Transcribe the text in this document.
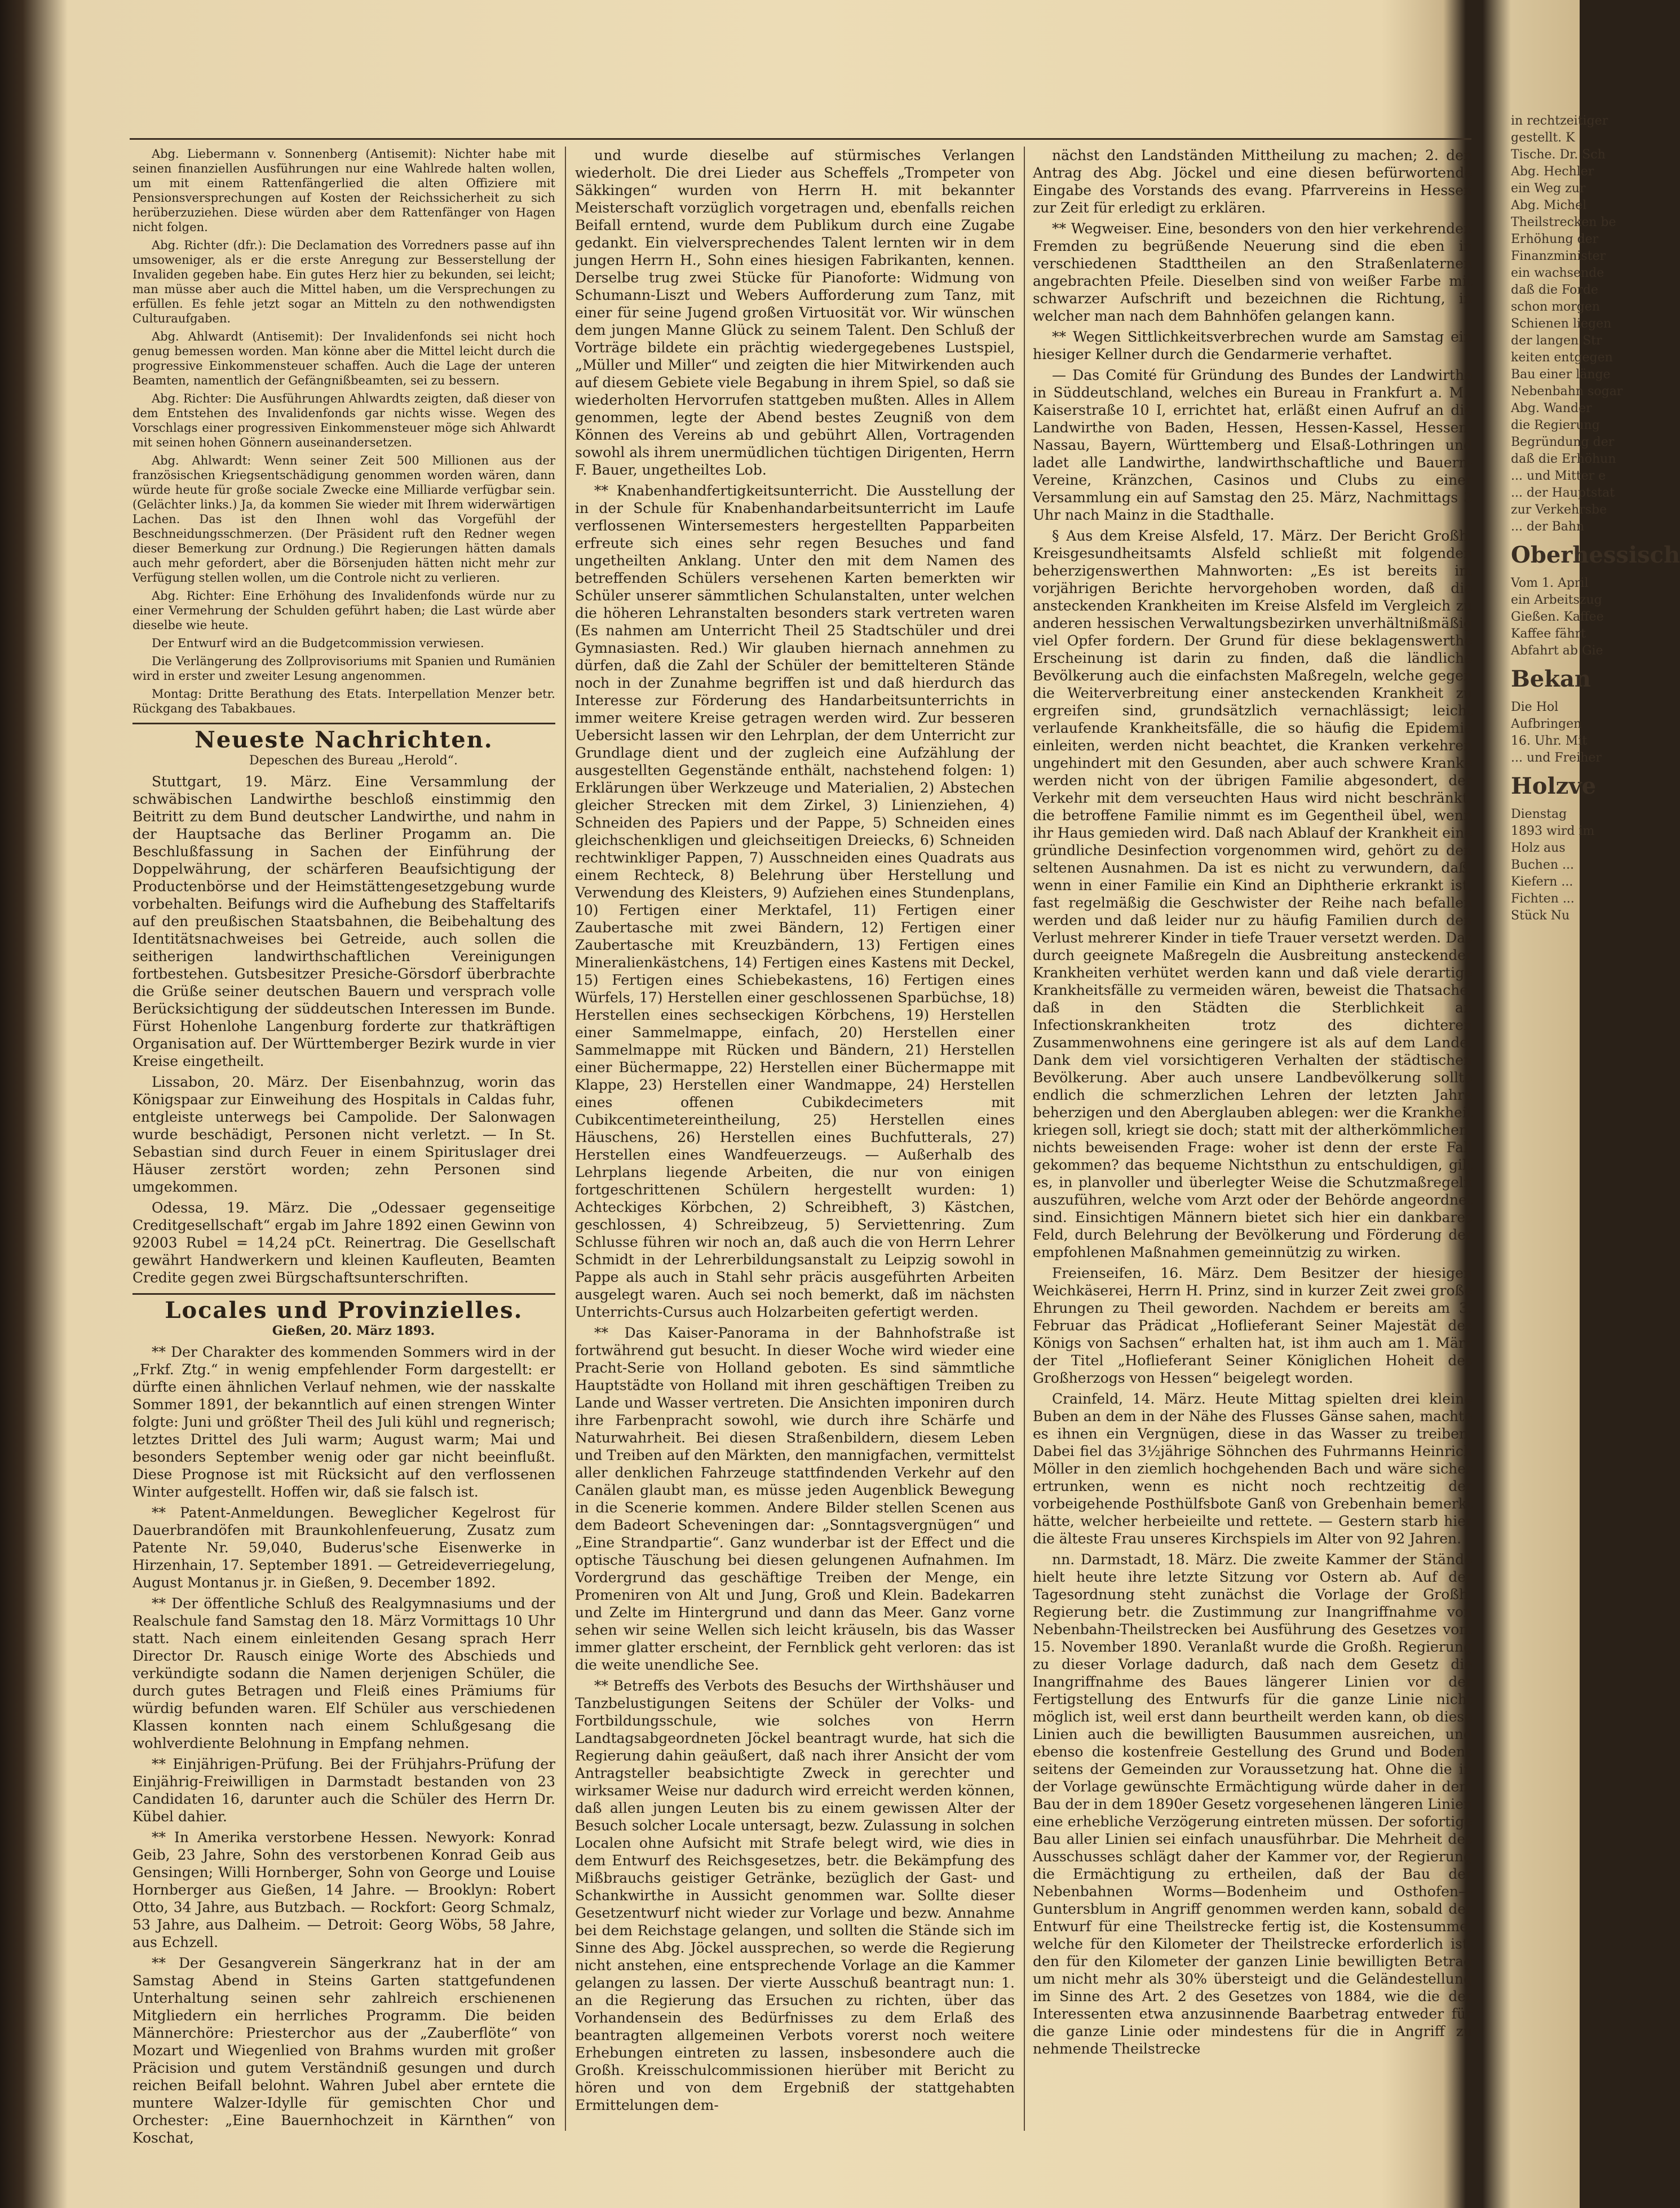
Abg. Liebermann v. Sonnenberg (Antisemit): Nichter habe mit seinen finanziellen Ausführungen nur eine Wahlrede halten wollen, um mit einem Rattenfängerlied die alten Offiziere mit Pensionsversprechungen auf Kosten der Reichssicherheit zu sich herüberzuziehen. Diese würden aber dem Rattenfänger von Hagen nicht folgen.

Abg. Richter (dfr.): Die Declamation des Vorredners passe auf ihn umsoweniger, als er die erste Anregung zur Besserstellung der Invaliden gegeben habe. Ein gutes Herz hier zu bekunden, sei leicht; man müsse aber auch die Mittel haben, um die Versprechungen zu erfüllen. Es fehle jetzt sogar an Mitteln zu den nothwendigsten Culturaufgaben.

Abg. Ahlwardt (Antisemit): Der Invalidenfonds sei nicht hoch genug bemessen worden. Man könne aber die Mittel leicht durch die progressive Einkommensteuer schaffen. Auch die Lage der unteren Beamten, namentlich der Gefängnißbeamten, sei zu bessern.

Abg. Richter: Die Ausführungen Ahlwardts zeigten, daß dieser von dem Entstehen des Invalidenfonds gar nichts wisse. Wegen des Vorschlags einer progressiven Einkommensteuer möge sich Ahlwardt mit seinen hohen Gönnern auseinandersetzen.

Abg. Ahlwardt: Wenn seiner Zeit 500 Millionen aus der französischen Kriegsentschädigung genommen worden wären, dann würde heute für große sociale Zwecke eine Milliarde verfügbar sein. (Gelächter links.) Ja, da kommen Sie wieder mit Ihrem widerwärtigen Lachen. Das ist den Ihnen wohl das Vorgefühl der Beschneidungsschmerzen. (Der Präsident ruft den Redner wegen dieser Bemerkung zur Ordnung.) Die Regierungen hätten damals auch mehr gefordert, aber die Börsenjuden hätten nicht mehr zur Verfügung stellen wollen, um die Controle nicht zu verlieren.

Abg. Richter: Eine Erhöhung des Invalidenfonds würde nur zu einer Vermehrung der Schulden geführt haben; die Last würde aber dieselbe wie heute.

Der Entwurf wird an die Budgetcommission verwiesen.

Die Verlängerung des Zollprovisoriums mit Spanien und Rumänien wird in erster und zweiter Lesung angenommen.

Montag: Dritte Berathung des Etats. Interpellation Menzer betr. Rückgang des Tabakbaues.

Neueste Nachrichten.

Depeschen des Bureau „Herold“.

Stuttgart, 19. März. Eine Versammlung der schwäbischen Landwirthe beschloß einstimmig den Beitritt zu dem Bund deutscher Landwirthe, und nahm in der Hauptsache das Berliner Progamm an. Die Beschlußfassung in Sachen der Einführung der Doppelwährung, der schärferen Beaufsichtigung der Productenbörse und der Heimstättengesetzgebung wurde vorbehalten. Beifungs wird die Aufhebung des Staffeltarifs auf den preußischen Staatsbahnen, die Beibehaltung des Identitätsnachweises bei Getreide, auch sollen die seitherigen landwirthschaftlichen Vereinigungen fortbestehen. Gutsbesitzer Presiche-Görsdorf überbrachte die Grüße seiner deutschen Bauern und versprach volle Berücksichtigung der süddeutschen Interessen im Bunde. Fürst Hohenlohe Langenburg forderte zur thatkräftigen Organisation auf. Der Württemberger Bezirk wurde in vier Kreise eingetheilt.

Lissabon, 20. März. Der Eisenbahnzug, worin das Königspaar zur Einweihung des Hospitals in Caldas fuhr, entgleiste unterwegs bei Campolide. Der Salonwagen wurde beschädigt, Personen nicht verletzt. — In St. Sebastian sind durch Feuer in einem Spirituslager drei Häuser zerstört worden; zehn Personen sind umgekommen.

Odessa, 19. März. Die „Odessaer gegenseitige Creditgesellschaft“ ergab im Jahre 1892 einen Gewinn von 92003 Rubel = 14,24 pCt. Reinertrag. Die Gesellschaft gewährt Handwerkern und kleinen Kaufleuten, Beamten Credite gegen zwei Bürgschaftsunterschriften.

Locales und Provinzielles.

Gießen, 20. März 1893.

** Der Charakter des kommenden Sommers wird in der „Frkf. Ztg.“ in wenig empfehlender Form dargestellt: er dürfte einen ähnlichen Verlauf nehmen, wie der nasskalte Sommer 1891, der bekanntlich auf einen strengen Winter folgte: Juni und größter Theil des Juli kühl und regnerisch; letztes Drittel des Juli warm; August warm; Mai und besonders September wenig oder gar nicht beeinflußt. Diese Prognose ist mit Rücksicht auf den verflossenen Winter aufgestellt. Hoffen wir, daß sie falsch ist.

** Patent-Anmeldungen. Beweglicher Kegelrost für Dauerbrandöfen mit Braunkohlenfeuerung, Zusatz zum Patente Nr. 59,040, Buderus'sche Eisenwerke in Hirzenhain, 17. September 1891. — Getreideverriegelung, August Montanus jr. in Gießen, 9. December 1892.

** Der öffentliche Schluß des Realgymnasiums und der Realschule fand Samstag den 18. März Vormittags 10 Uhr statt. Nach einem einleitenden Gesang sprach Herr Director Dr. Rausch einige Worte des Abschieds und verkündigte sodann die Namen derjenigen Schüler, die durch gutes Betragen und Fleiß eines Prämiums für würdig befunden waren. Elf Schüler aus verschiedenen Klassen konnten nach einem Schlußgesang die wohlverdiente Belohnung in Empfang nehmen.

** Einjährigen-Prüfung. Bei der Frühjahrs-Prüfung der Einjährig-Freiwilligen in Darmstadt bestanden von 23 Candidaten 16, darunter auch die Schüler des Herrn Dr. Kübel dahier.

** In Amerika verstorbene Hessen. Newyork: Konrad Geib, 23 Jahre, Sohn des verstorbenen Konrad Geib aus Gensingen; Willi Hornberger, Sohn von George und Louise Hornberger aus Gießen, 14 Jahre. — Brooklyn: Robert Otto, 34 Jahre, aus Butzbach. — Rockfort: Georg Schmalz, 53 Jahre, aus Dalheim. — Detroit: Georg Wöbs, 58 Jahre, aus Echzell.

** Der Gesangverein Sängerkranz hat in der am Samstag Abend in Steins Garten stattgefundenen Unterhaltung seinen sehr zahlreich erschienenen Mitgliedern ein herrliches Programm. Die beiden Männerchöre: Priesterchor aus der „Zauberflöte“ von Mozart und Wiegenlied von Brahms wurden mit großer Präcision und gutem Verständniß gesungen und durch reichen Beifall belohnt. Wahren Jubel aber erntete die muntere Walzer-Idylle für gemischten Chor und Orchester: „Eine Bauernhochzeit in Kärnthen“ von Koschat,

und wurde dieselbe auf stürmisches Verlangen wiederholt. Die drei Lieder aus Scheffels „Trompeter von Säkkingen“ wurden von Herrn H. mit bekannter Meisterschaft vorzüglich vorgetragen und, ebenfalls reichen Beifall erntend, wurde dem Publikum durch eine Zugabe gedankt. Ein vielversprechendes Talent lernten wir in dem jungen Herrn H., Sohn eines hiesigen Fabrikanten, kennen. Derselbe trug zwei Stücke für Pianoforte: Widmung von Schumann-Liszt und Webers Aufforderung zum Tanz, mit einer für seine Jugend großen Virtuosität vor. Wir wünschen dem jungen Manne Glück zu seinem Talent. Den Schluß der Vorträge bildete ein prächtig wiedergegebenes Lustspiel, „Müller und Miller“ und zeigten die hier Mitwirkenden auch auf diesem Gebiete viele Begabung in ihrem Spiel, so daß sie wiederholten Hervorrufen stattgeben mußten. Alles in Allem genommen, legte der Abend bestes Zeugniß von dem Können des Vereins ab und gebührt Allen, Vortragenden sowohl als ihrem unermüdlichen tüchtigen Dirigenten, Herrn F. Bauer, ungetheiltes Lob.

** Knabenhandfertigkeitsunterricht. Die Ausstellung der in der Schule für Knabenhandarbeitsunterricht im Laufe verflossenen Wintersemesters hergestellten Papparbeiten erfreute sich eines sehr regen Besuches und fand ungetheilten Anklang. Unter den mit dem Namen des betreffenden Schülers versehenen Karten bemerkten wir Schüler unserer sämmtlichen Schulanstalten, unter welchen die höheren Lehranstalten besonders stark vertreten waren (Es nahmen am Unterricht Theil 25 Stadtschüler und drei Gymnasiasten. Red.) Wir glauben hiernach annehmen zu dürfen, daß die Zahl der Schüler der bemittelteren Stände noch in der Zunahme begriffen ist und daß hierdurch das Interesse zur Förderung des Handarbeitsunterrichts in immer weitere Kreise getragen werden wird. Zur besseren Uebersicht lassen wir den Lehrplan, der dem Unterricht zur Grundlage dient und der zugleich eine Aufzählung der ausgestellten Gegenstände enthält, nachstehend folgen: 1) Erklärungen über Werkzeuge und Materialien, 2) Abstechen gleicher Strecken mit dem Zirkel, 3) Linienziehen, 4) Schneiden des Papiers und der Pappe, 5) Schneiden eines gleichschenkligen und gleichseitigen Dreiecks, 6) Schneiden rechtwinkliger Pappen, 7) Ausschneiden eines Quadrats aus einem Rechteck, 8) Belehrung über Herstellung und Verwendung des Kleisters, 9) Aufziehen eines Stundenplans, 10) Fertigen einer Merktafel, 11) Fertigen einer Zaubertasche mit zwei Bändern, 12) Fertigen einer Zaubertasche mit Kreuzbändern, 13) Fertigen eines Mineralienkästchens, 14) Fertigen eines Kastens mit Deckel, 15) Fertigen eines Schiebekastens, 16) Fertigen eines Würfels, 17) Herstellen einer geschlossenen Sparbüchse, 18) Herstellen eines sechseckigen Körbchens, 19) Herstellen einer Sammelmappe, einfach, 20) Herstellen einer Sammelmappe mit Rücken und Bändern, 21) Herstellen einer Büchermappe, 22) Herstellen einer Büchermappe mit Klappe, 23) Herstellen einer Wandmappe, 24) Herstellen eines offenen Cubikdecimeters mit Cubikcentimetereintheilung, 25) Herstellen eines Häuschens, 26) Herstellen eines Buchfutterals, 27) Herstellen eines Wandfeuerzeugs. — Außerhalb des Lehrplans liegende Arbeiten, die nur von einigen fortgeschrittenen Schülern hergestellt wurden: 1) Achteckiges Körbchen, 2) Schreibheft, 3) Kästchen, geschlossen, 4) Schreibzeug, 5) Serviettenring. Zum Schlusse führen wir noch an, daß auch die von Herrn Lehrer Schmidt in der Lehrerbildungsanstalt zu Leipzig sowohl in Pappe als auch in Stahl sehr präcis ausgeführten Arbeiten ausgelegt waren. Auch sei noch bemerkt, daß im nächsten Unterrichts-Cursus auch Holzarbeiten gefertigt werden.

** Das Kaiser-Panorama in der Bahnhofstraße ist fortwährend gut besucht. In dieser Woche wird wieder eine Pracht-Serie von Holland geboten. Es sind sämmtliche Hauptstädte von Holland mit ihren geschäftigen Treiben zu Lande und Wasser vertreten. Die Ansichten imponiren durch ihre Farbenpracht sowohl, wie durch ihre Schärfe und Naturwahrheit. Bei diesen Straßenbildern, diesem Leben und Treiben auf den Märkten, den mannigfachen, vermittelst aller denklichen Fahrzeuge stattfindenden Verkehr auf den Canälen glaubt man, es müsse jeden Augenblick Bewegung in die Scenerie kommen. Andere Bilder stellen Scenen aus dem Badeort Scheveningen dar: „Sonntagsvergnügen“ und „Eine Strandpartie“. Ganz wunderbar ist der Effect und die optische Täuschung bei diesen gelungenen Aufnahmen. Im Vordergrund das geschäftige Treiben der Menge, ein Promeniren von Alt und Jung, Groß und Klein. Badekarren und Zelte im Hintergrund und dann das Meer. Ganz vorne sehen wir seine Wellen sich leicht kräuseln, bis das Wasser immer glatter erscheint, der Fernblick geht verloren: das ist die weite unendliche See.

** Betreffs des Verbots des Besuchs der Wirthshäuser und Tanzbelustigungen Seitens der Schüler der Volks- und Fortbildungsschule, wie solches von Herrn Landtagsabgeordneten Jöckel beantragt wurde, hat sich die Regierung dahin geäußert, daß nach ihrer Ansicht der vom Antragsteller beabsichtigte Zweck in gerechter und wirksamer Weise nur dadurch wird erreicht werden können, daß allen jungen Leuten bis zu einem gewissen Alter der Besuch solcher Locale untersagt, bezw. Zulassung in solchen Localen ohne Aufsicht mit Strafe belegt wird, wie dies in dem Entwurf des Reichsgesetzes, betr. die Bekämpfung des Mißbrauchs geistiger Getränke, bezüglich der Gast- und Schankwirthe in Aussicht genommen war. Sollte dieser Gesetzentwurf nicht wieder zur Vorlage und bezw. Annahme bei dem Reichstage gelangen, und sollten die Stände sich im Sinne des Abg. Jöckel aussprechen, so werde die Regierung nicht anstehen, eine entsprechende Vorlage an die Kammer gelangen zu lassen. Der vierte Ausschuß beantragt nun: 1. an die Regierung das Ersuchen zu richten, über das Vorhandensein des Bedürfnisses zu dem Erlaß des beantragten allgemeinen Verbots vorerst noch weitere Erhebungen eintreten zu lassen, insbesondere auch die Großh. Kreisschulcommissionen hierüber mit Bericht zu hören und von dem Ergebniß der stattgehabten Ermittelungen dem-

nächst den Landständen Mittheilung zu machen; 2. den Antrag des Abg. Jöckel und eine diesen befürwortende Eingabe des Vorstands des evang. Pfarrvereins in Hessen zur Zeit für erledigt zu erklären.

** Wegweiser. Eine, besonders von den hier verkehrenden Fremden zu begrüßende Neuerung sind die eben in verschiedenen Stadttheilen an den Straßenlaternen angebrachten Pfeile. Dieselben sind von weißer Farbe mit schwarzer Aufschrift und bezeichnen die Richtung, in welcher man nach dem Bahnhöfen gelangen kann.

** Wegen Sittlichkeitsverbrechen wurde am Samstag ein hiesiger Kellner durch die Gendarmerie verhaftet.

— Das Comité für Gründung des Bundes der Landwirthe in Süddeutschland, welches ein Bureau in Frankfurt a. M., Kaiserstraße 10 I, errichtet hat, erläßt einen Aufruf an die Landwirthe von Baden, Hessen, Hessen-Kassel, Hessen-Nassau, Bayern, Württemberg und Elsaß-Lothringen und ladet alle Landwirthe, landwirthschaftliche und Bauern-Vereine, Kränzchen, Casinos und Clubs zu einer Versammlung ein auf Samstag den 25. März, Nachmittags 3 Uhr nach Mainz in die Stadthalle.

§ Aus dem Kreise Alsfeld, 17. März. Der Bericht Großh. Kreisgesundheitsamts Alsfeld schließt mit folgenden beherzigenswerthen Mahnworten: „Es ist bereits im vorjährigen Berichte hervorgehoben worden, daß die ansteckenden Krankheiten im Kreise Alsfeld im Vergleich zu anderen hessischen Verwaltungsbezirken unverhältnißmäßig viel Opfer fordern. Der Grund für diese beklagenswerthe Erscheinung ist darin zu finden, daß die ländliche Bevölkerung auch die einfachsten Maßregeln, welche gegen die Weiterverbreitung einer ansteckenden Krankheit zu ergreifen sind, grundsätzlich vernachlässigt; leicht verlaufende Krankheitsfälle, die so häufig die Epidemie einleiten, werden nicht beachtet, die Kranken verkehren ungehindert mit den Gesunden, aber auch schwere Kranke werden nicht von der übrigen Familie abgesondert, der Verkehr mit dem verseuchten Haus wird nicht beschränkt, die betroffene Familie nimmt es im Gegentheil übel, wenn ihr Haus gemieden wird. Daß nach Ablauf der Krankheit eine gründliche Desinfection vorgenommen wird, gehört zu den seltenen Ausnahmen. Da ist es nicht zu verwundern, daß, wenn in einer Familie ein Kind an Diphtherie erkrankt ist, fast regelmäßig die Geschwister der Reihe nach befallen werden und daß leider nur zu häufig Familien durch den Verlust mehrerer Kinder in tiefe Trauer versetzt werden. Das durch geeignete Maßregeln die Ausbreitung ansteckender Krankheiten verhütet werden kann und daß viele derartige Krankheitsfälle zu vermeiden wären, beweist die Thatsache, daß in den Städten die Sterblichkeit an Infectionskrankheiten trotz des dichteren Zusammenwohnens eine geringere ist als auf dem Lande, Dank dem viel vorsichtigeren Verhalten der städtischen Bevölkerung. Aber auch unsere Landbevölkerung sollte endlich die schmerzlichen Lehren der letzten Jahre beherzigen und den Aberglauben ablegen: wer die Krankheit kriegen soll, kriegt sie doch; statt mit der altherkömmlichen, nichts beweisenden Frage: woher ist denn der erste Fall gekommen? das bequeme Nichtsthun zu entschuldigen, gilt es, in planvoller und überlegter Weise die Schutzmaßregeln auszuführen, welche vom Arzt oder der Behörde angeordnet sind. Einsichtigen Männern bietet sich hier ein dankbares Feld, durch Belehrung der Bevölkerung und Förderung der empfohlenen Maßnahmen gemeinnützig zu wirken.

Freienseifen, 16. März. Dem Besitzer der hiesigen Weichkäserei, Herrn H. Prinz, sind in kurzer Zeit zwei große Ehrungen zu Theil geworden. Nachdem er bereits am 3. Februar das Prädicat „Hoflieferant Seiner Majestät des Königs von Sachsen“ erhalten hat, ist ihm auch am 1. März der Titel „Hoflieferant Seiner Königlichen Hoheit des Großherzogs von Hessen“ beigelegt worden.

Crainfeld, 14. März. Heute Mittag spielten drei kleine Buben an dem in der Nähe des Flusses Gänse sahen, machte es ihnen ein Vergnügen, diese in das Wasser zu treiben. Dabei fiel das 3½jährige Söhnchen des Fuhrmanns Heinrich Möller in den ziemlich hochgehenden Bach und wäre sicher ertrunken, wenn es nicht noch rechtzeitig der vorbeigehende Posthülfsbote Ganß von Grebenhain bemerkt hätte, welcher herbeieilte und rettete. — Gestern starb hier die älteste Frau unseres Kirchspiels im Alter von 92 Jahren.

nn. Darmstadt, 18. März. Die zweite Kammer der Stände hielt heute ihre letzte Sitzung vor Ostern ab. Auf der Tagesordnung steht zunächst die Vorlage der Großh. Regierung betr. die Zustimmung zur Inangriffnahme von Nebenbahn-Theilstrecken bei Ausführung des Gesetzes vom 15. November 1890. Veranlaßt wurde die Großh. Regierung zu dieser Vorlage dadurch, daß nach dem Gesetz die Inangriffnahme des Baues längerer Linien vor der Fertigstellung des Entwurfs für die ganze Linie nicht möglich ist, weil erst dann beurtheilt werden kann, ob diese Linien auch die bewilligten Bausummen ausreichen, und ebenso die kostenfreie Gestellung des Grund und Bodens seitens der Gemeinden zur Voraussetzung hat. Ohne die in der Vorlage gewünschte Ermächtigung würde daher in dem Bau der in dem 1890er Gesetz vorgesehenen längeren Linien eine erhebliche Verzögerung eintreten müssen. Der sofortige Bau aller Linien sei einfach unausführbar. Die Mehrheit des Ausschusses schlägt daher der Kammer vor, der Regierung die Ermächtigung zu ertheilen, daß der Bau der Nebenbahnen Worms—Bodenheim und Osthofen—Guntersblum in Angriff genommen werden kann, sobald der Entwurf für eine Theilstrecke fertig ist, die Kostensumme, welche für den Kilometer der Theilstrecke erforderlich ist, den für den Kilometer der ganzen Linie bewilligten Betrag um nicht mehr als 30% übersteigt und die Geländestellung im Sinne des Art. 2 des Gesetzes von 1884, wie die der Interessenten etwa anzusinnende Baarbetrag entweder für die ganze Linie oder mindestens für die in Angriff zu nehmende Theilstrecke

in rechtzeitiger
gestellt. K
Tische. Dr. Sch
Abg. Hechler
ein Weg zur
Abg. Michel
Theilstrecken be
Erhöhung der
Finanzminister
ein wachsende
daß die Forde
schon morgen
Schienen liegen
der langen Str
keiten entgegen
Bau einer länge
Nebenbahn sogar
Abg. Wander
die Regierung
Begründung der
daß die Erhöhun
... und Mitter e
... der Hauptstat
zur Verkehrsbe
... der Bahn
Oberhessisch
Vom 1. April
ein Arbeitszug
Gießen. Kaffee
Kaffee fährt
Abfahrt ab Gie
Bekan
Die Hol
Aufbringen
16. Uhr. Mit
... und Freiher
Holzve
Dienstag
1893 wird im
Holz aus
Buchen ...
Kiefern ...
Fichten ...
Stück Nu
